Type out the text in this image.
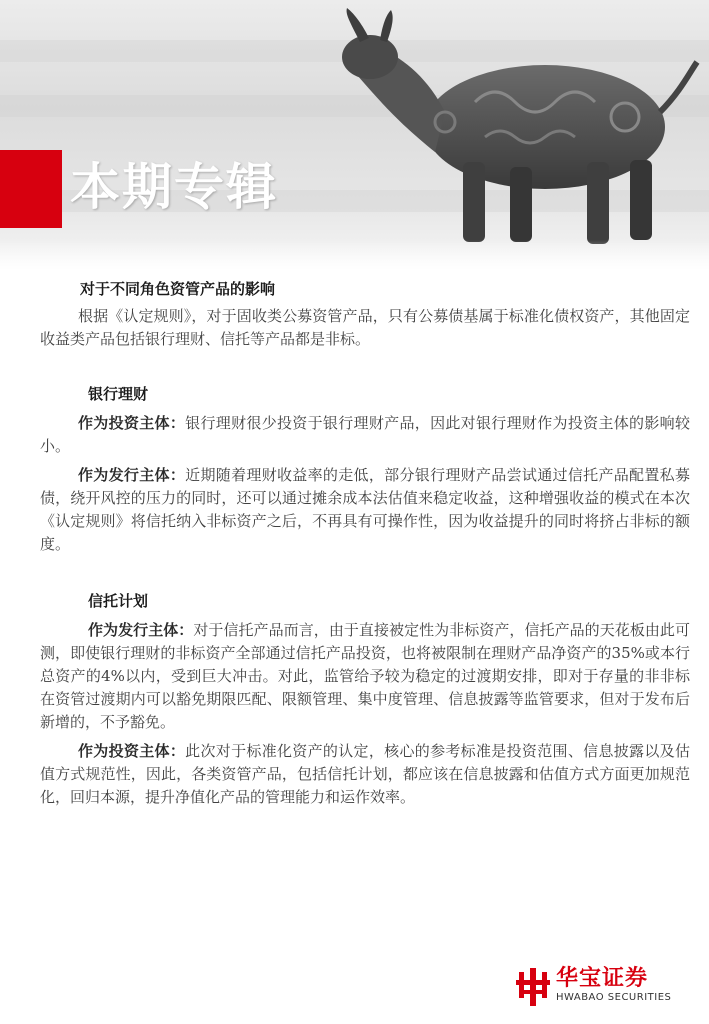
本期专辑
对于不同角色资管产品的影响

根据《认定规则》，对于固收类公募资管产品，只有公募债基属于标准化债权资产，其他固定收益类产品包括银行理财、信托等产品都是非标。

银行理财

作为投资主体：银行理财很少投资于银行理财产品，因此对银行理财作为投资主体的影响较小。

作为发行主体：近期随着理财收益率的走低，部分银行理财产品尝试通过信托产品配置私募债，绕开风控的压力的同时，还可以通过摊余成本法估值来稳定收益，这种增强收益的模式在本次《认定规则》将信托纳入非标资产之后，不再具有可操作性，因为收益提升的同时将挤占非标的额度。

信托计划

作为发行主体：对于信托产品而言，由于直接被定性为非标资产，信托产品的天花板由此可测，即使银行理财的非标资产全部通过信托产品投资，也将被限制在理财产品净资产的35%或本行总资产的4%以内，受到巨大冲击。对此，监管给予较为稳定的过渡期安排，即对于存量的非非标在资管过渡期内可以豁免期限匹配、限额管理、集中度管理、信息披露等监管要求，但对于发布后新增的，不予豁免。

作为投资主体：此次对于标准化资产的认定，核心的参考标准是投资范围、信息披露以及估值方式规范性，因此，各类资管产品，包括信托计划，都应该在信息披露和估值方式方面更加规范化，回归本源，提升净值化产品的管理能力和运作效率。

华宝证券
HWABAO SECURITIES
